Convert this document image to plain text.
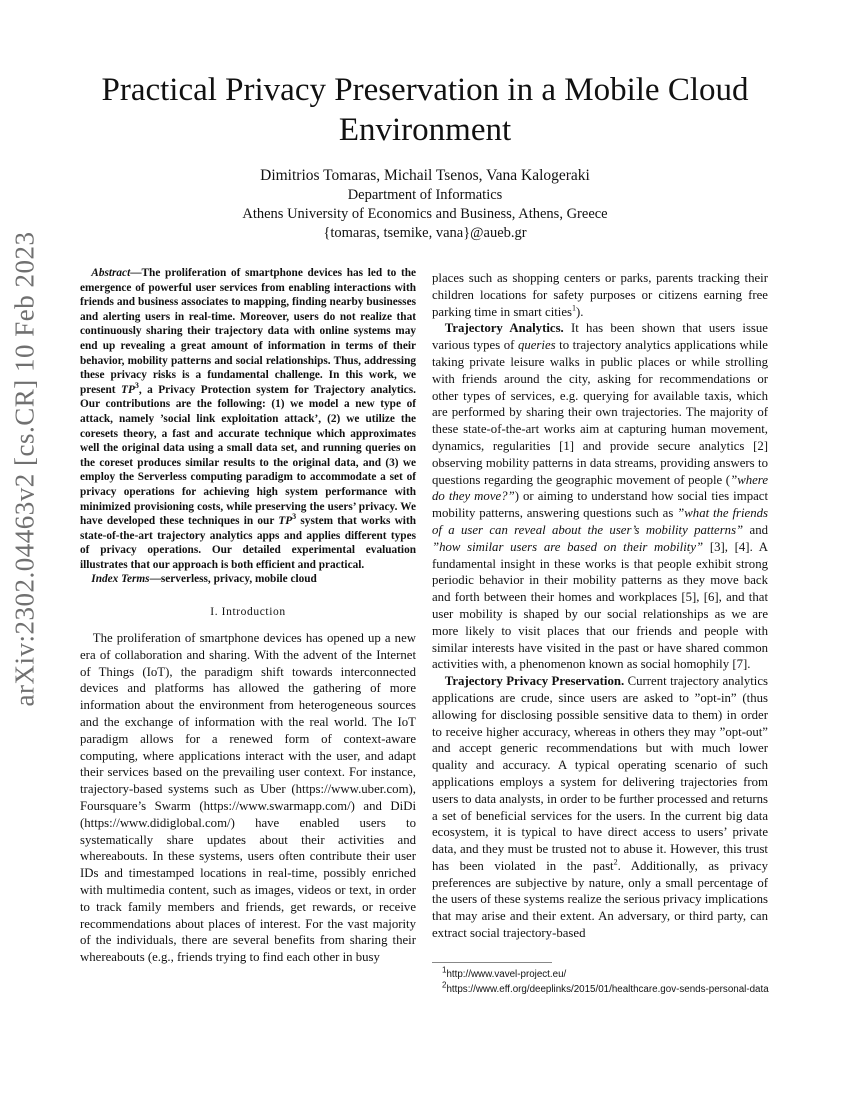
Practical Privacy Preservation in a Mobile Cloud
Environment
Dimitrios Tomaras, Michail Tsenos, Vana Kalogeraki
Department of Informatics
Athens University of Economics and Business, Athens, Greece
{tomaras, tsemike, vana}@aueb.gr
arXiv:2302.04463v2 [cs.CR] 10 Feb 2023	Abstract—The proliferation of smartphone devices has led to the emergence of powerful user services from enabling interactions with friends and business associates to mapping, finding nearby businesses and alerting users in real-time. Moreover, users do not realize that continuously sharing their trajectory data with online systems may end up revealing a great amount of information in terms of their behavior, mobility patterns and social relationships. Thus, addressing these privacy risks is a fundamental challenge. In this work, we present $TP^3$, a Privacy Protection system for Trajectory analytics. Our contributions are the following: (1) we model a new type of attack, namely ’social link exploitation attack’, (2) we utilize the coresets theory, a fast and accurate technique which approximates well the original data using a small data set, and running queries on the coreset produces similar results to the original data, and (3) we employ the Serverless computing paradigm to accommodate a set of privacy operations for achieving high system performance with minimized provisioning costs, while preserving the users’ privacy. We have developed these techniques in our $TP^3$ system that works with state-of-the-art trajectory analytics apps and applies different types of privacy operations. Our detailed experimental evaluation illustrates that our approach is both efficient and practical.

Index Terms—serverless, privacy, mobile cloud

I. Introduction

The proliferation of smartphone devices has opened up a new era of collaboration and sharing. With the advent of the Internet of Things (IoT), the paradigm shift towards interconnected devices and platforms has allowed the gathering of more information about the environment from heterogeneous sources and the exchange of information with the real world. The IoT paradigm allows for a renewed form of context-aware computing, where applications interact with the user, and adapt their services based on the prevailing user context. For instance, trajectory-based systems such as Uber (https://www.uber.com), Foursquare’s Swarm (https://www.swarmapp.com/) and DiDi (https://www.didiglobal.com/) have enabled users to systematically share updates about their activities and whereabouts. In these systems, users often contribute their user IDs and timestamped locations in real-time, possibly enriched with multimedia content, such as images, videos or text, in order to track family members and friends, get rewards, or receive recommendations about places of interest. For the vast majority of the individuals, there are several benefits from sharing their whereabouts (e.g., friends trying to find each other in busy

places such as shopping centers or parks, parents tracking their children locations for safety purposes or citizens earning free parking time in smart cities$^1$).

Trajectory Analytics. It has been shown that users issue various types of queries to trajectory analytics applications while taking private leisure walks in public places or while strolling with friends around the city, asking for recommendations or other types of services, e.g. querying for available taxis, which are performed by sharing their own trajectories. The majority of these state-of-the-art works aim at capturing human movement, dynamics, regularities [1] and provide secure analytics [2] observing mobility patterns in data streams, providing answers to questions regarding the geographic movement of people (”where do they move?”) or aiming to understand how social ties impact mobility patterns, answering questions such as ”what the friends of a user can reveal about the user’s mobility patterns” and ”how similar users are based on their mobility” [3], [4]. A fundamental insight in these works is that people exhibit strong periodic behavior in their mobility patterns as they move back and forth between their homes and workplaces [5], [6], and that user mobility is shaped by our social relationships as we are more likely to visit places that our friends and people with similar interests have visited in the past or have shared common activities with, a phenomenon known as social homophily [7].

Trajectory Privacy Preservation. Current trajectory analytics applications are crude, since users are asked to ”opt-in” (thus allowing for disclosing possible sensitive data to them) in order to receive higher accuracy, whereas in others they may ”opt-out” and accept generic recommendations but with much lower quality and accuracy. A typical operating scenario of such applications employs a system for delivering trajectories from users to data analysts, in order to be further processed and returns a set of beneficial services for the users. In the current big data ecosystem, it is typical to have direct access to users’ private data, and they must be trusted not to abuse it. However, this trust has been violated in the past$^2$. Additionally, as privacy preferences are subjective by nature, only a small percentage of the users of these systems realize the serious privacy implications that may arise and their extent. An adversary, or third party, can extract social trajectory-based

$^1$http://www.vavel-project.eu/

$^2$https://www.eff.org/deeplinks/2015/01/healthcare.gov-sends-personal-data
